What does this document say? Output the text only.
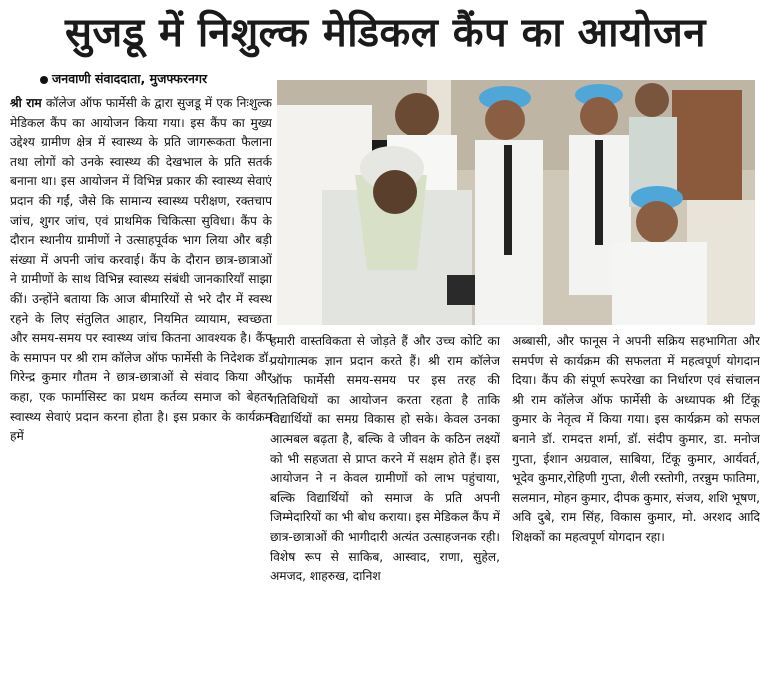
सुजडू में निशुल्क मेडिकल कैंप का आयोजन
जनवाणी संवाददाता, मुजफ्फरनगर

श्री राम कॉलेज ऑफ फार्मेसी के द्वारा सुजडू में एक निःशुल्क मेडिकल कैंप का आयोजन किया गया। इस कैंप का मुख्य उद्देश्य ग्रामीण क्षेत्र में स्वास्थ्य के प्रति जागरूकता फैलाना तथा लोगों को उनके स्वास्थ्य की देखभाल के प्रति सतर्क बनाना था। इस आयोजन में विभिन्न प्रकार की स्वास्थ्य सेवाएं प्रदान की गईं, जैसे कि सामान्य स्वास्थ्य परीक्षण, रक्तचाप जांच, शुगर जांच, एवं प्राथमिक चिकित्सा सुविधा। कैंप के दौरान स्थानीय ग्रामीणों ने उत्साहपूर्वक भाग लिया और बड़ी संख्या में अपनी जांच करवाई। कैंप के दौरान छात्र-छात्राओं ने ग्रामीणों के साथ विभिन्न स्वास्थ्य संबंधी जानकारियाँ साझा कीं। उन्होंने बताया कि आज बीमारियों से भरे दौर में स्वस्थ रहने के लिए संतुलित आहार, नियमित व्यायाम, स्वच्छता और समय-समय पर स्वास्थ्य जांच कितना आवश्यक है। कैंप के समापन पर श्री राम कॉलेज ऑफ फार्मेसी के निदेशक डॉ. गिरेन्द्र कुमार गौतम ने छात्र-छात्राओं से संवाद किया और कहा, एक फार्मासिस्ट का प्रथम कर्तव्य समाज को बेहतर स्वास्थ्य सेवाएं प्रदान करना होता है। इस प्रकार के कार्यक्रम हमें

हमारी वास्तविकता से जोड़ते हैं और उच्च कोटि का प्रयोगात्मक ज्ञान प्रदान करते हैं। श्री राम कॉलेज ऑफ फार्मेसी समय-समय पर इस तरह की गतिविधियों का आयोजन करता रहता है ताकि विद्यार्थियों का समग्र विकास हो सके। केवल उनका आत्मबल बढ़ता है, बल्कि वे जीवन के कठिन लक्ष्यों को भी सहजता से प्राप्त करने में सक्षम होते हैं। इस आयोजन ने न केवल ग्रामीणों को लाभ पहुंचाया, बल्कि विद्यार्थियों को समाज के प्रति अपनी जिम्मेदारियों का भी बोध कराया। इस मेडिकल कैंप में छात्र-छात्राओं की भागीदारी अत्यंत उत्साहजनक रही। विशेष रूप से साकिब, आस्वाद, राणा, सुहेल, अमजद, शाहरुख, दानिश

अब्बासी, और फानूस ने अपनी सक्रिय सहभागिता और समर्पण से कार्यक्रम की सफलता में महत्वपूर्ण योगदान दिया। कैंप की संपूर्ण रूपरेखा का निर्धारण एवं संचालन श्री राम कॉलेज ऑफ फार्मेसी के अध्यापक श्री टिंकू कुमार के नेतृत्व में किया गया। इस कार्यक्रम को सफल बनाने डॉ. रामदत्त शर्मा, डॉ. संदीप कुमार, डा. मनोज गुप्ता, ईशान अग्रवाल, साबिया, टिंकू कुमार, आर्यवर्त, भूदेव कुमार,रोहिणी गुप्ता, शैली रस्तोगी, तरन्नुम फातिमा, सलमान, मोहन कुमार, दीपक कुमार, संजय, शशि भूषण, अवि दुबे, राम सिंह, विकास कुमार, मो. अरशद आदि शिक्षकों का महत्वपूर्ण योगदान रहा।
